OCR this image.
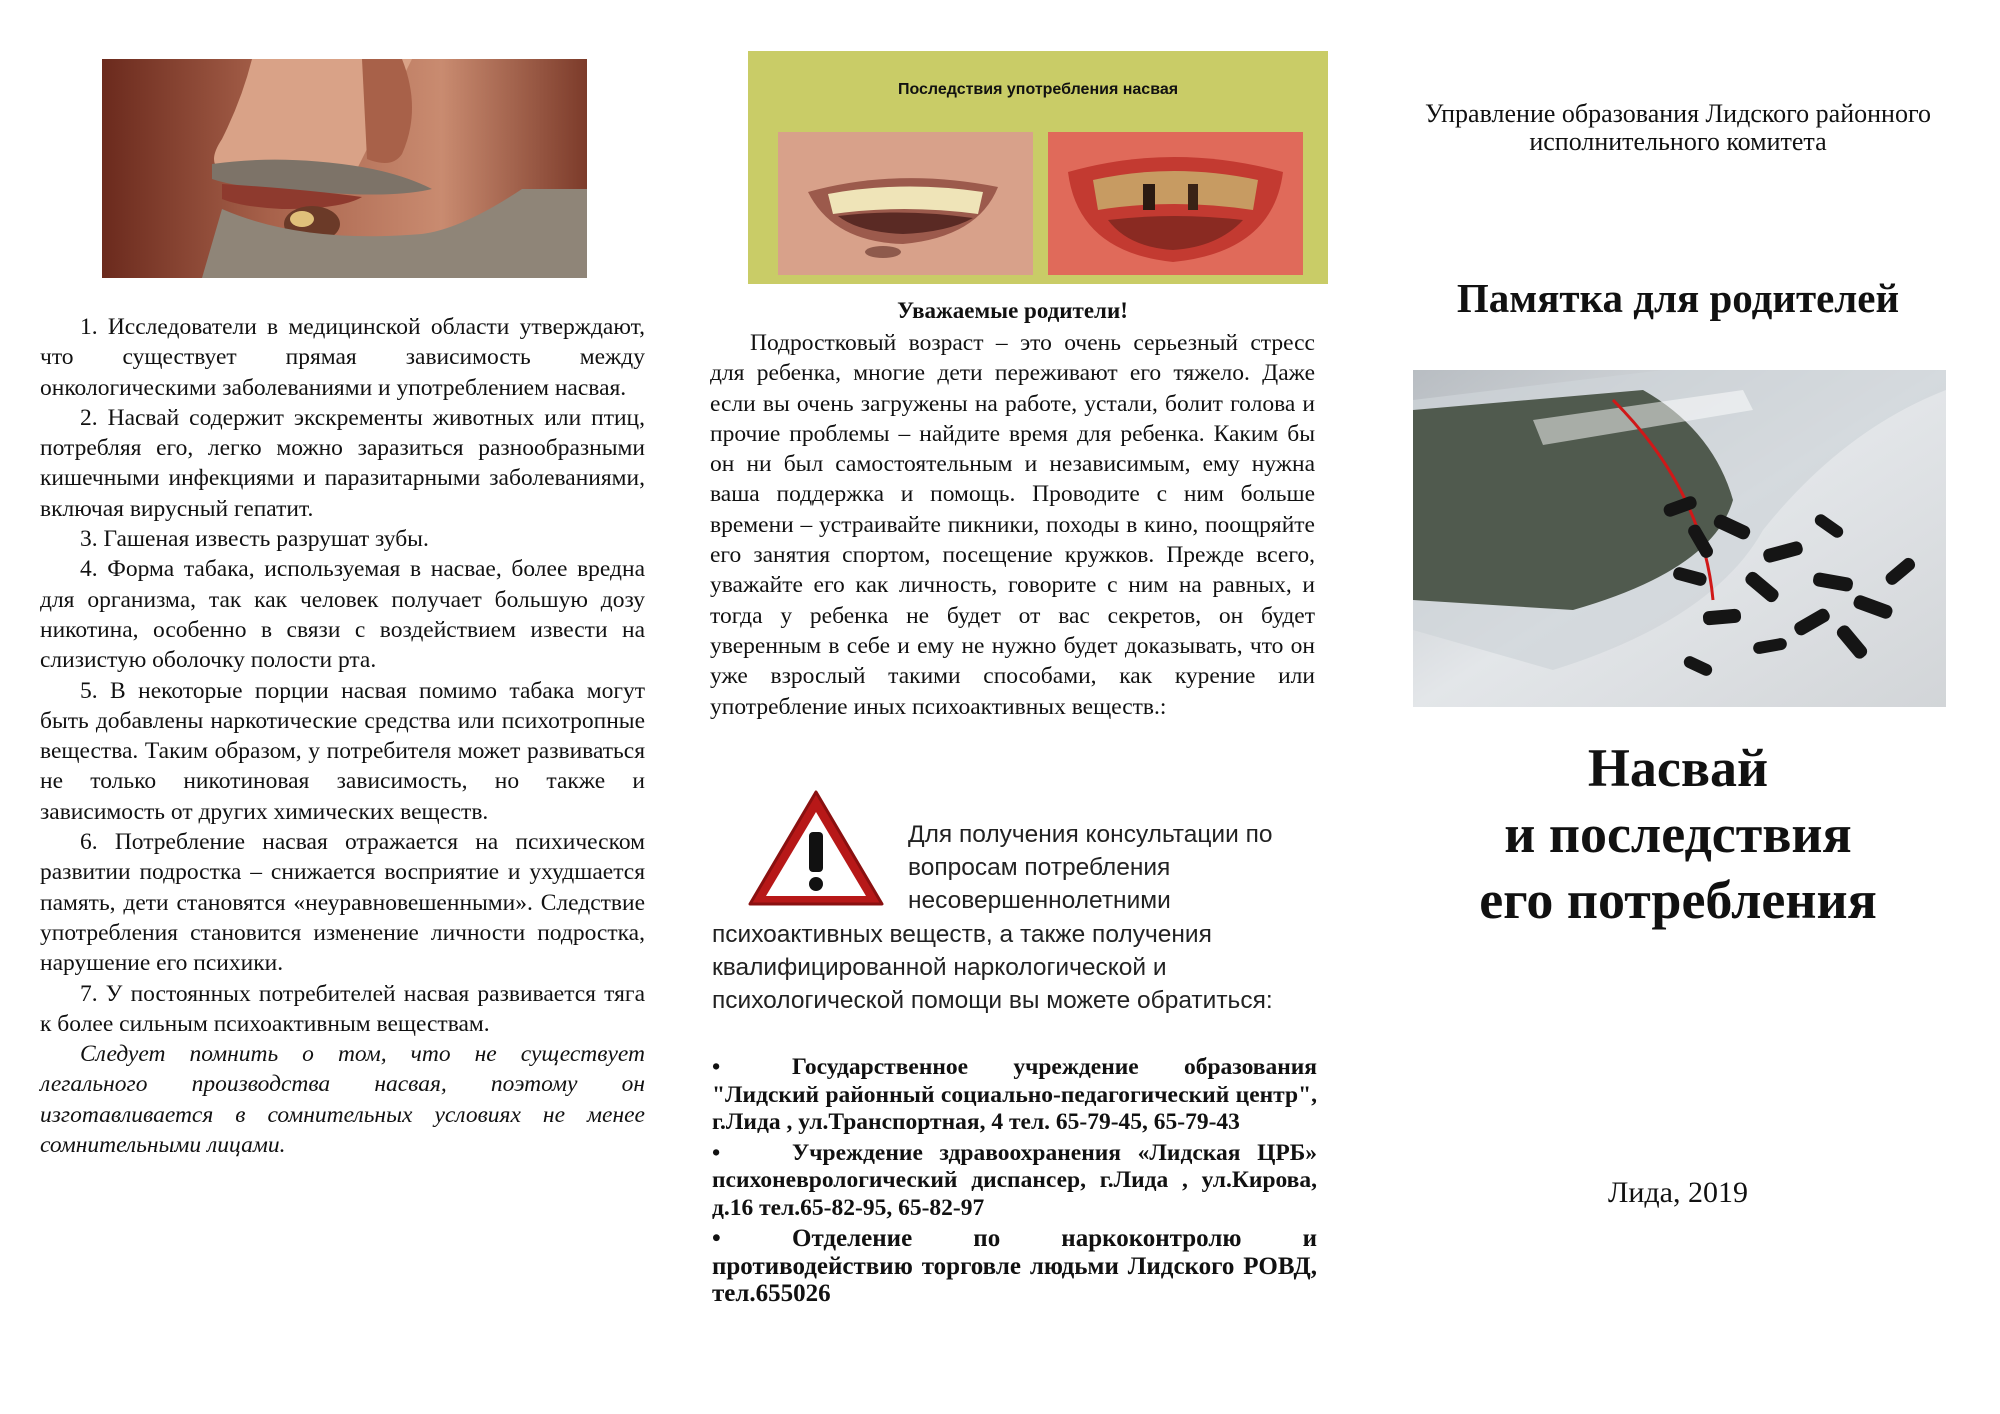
1. Исследователи в медицинской области утверждают, что существует прямая зависимость между онкологическими заболеваниями и употреблением насвая.

2. Насвай содержит экскременты животных или птиц, потребляя его, легко можно заразиться разнообразными кишечными инфекциями и паразитарными заболеваниями, включая вирусный гепатит.

3. Гашеная известь разрушат зубы.

4. Форма табака, используемая в насвае, более вредна для организма, так как человек получает большую дозу никотина, особенно в связи с воздействием извести на слизистую оболочку полости рта.

5. В некоторые порции насвая помимо табака могут быть добавлены наркотические средства или психотропные вещества. Таким образом, у потребителя может развиваться не только никотиновая зависимость, но также и зависимость от других химических веществ.

6. Потребление насвая отражается на психическом развитии подростка – снижается восприятие и ухудшается память, дети становятся «неуравновешенными». Следствие употребления становится изменение личности подростка, нарушение его психики.

7. У постоянных потребителей насвая развивается тяга к более сильным психоактивным веществам.

Следует помнить о том, что не существует легального производства насвая, поэтому он изготавливается в сомнительных условиях не менее сомнительными лицами.

Последствия употребления насвая
Уважаемые родители!

Подростковый возраст – это очень серьезный стресс для ребенка, многие дети переживают его тяжело. Даже если вы очень загружены на работе, устали, болит голова и прочие проблемы – найдите время для ребенка. Каким бы он ни был самостоятельным и независимым, ему нужна ваша поддержка и помощь. Проводите с ним больше времени – устраивайте пикники, походы в кино, поощряйте его занятия спортом, посещение кружков. Прежде всего, уважайте его как личность, говорите с ним на равных, и тогда у ребенка не будет от вас секретов, он будет уверенным в себе и ему не нужно будет доказывать, что он уже взрослый такими способами, как курение или употребление иных психоактивных веществ.:

Для получения консультации по вопросам потребления несовершеннолетними
психоактивных веществ, а также получения квалифицированной наркологической и психологической помощи вы можете обратиться:

•	Государственное учреждение образования "Лидский районный социально-педагогический центр", г.Лида , ул.Транспортная, 4 тел. 65-79-45, 65-79-43

•	Учреждение здравоохранения «Лидская ЦРБ» психоневрологический диспансер, г.Лида , ул.Кирова, д.16 тел.65-82-95, 65-82-97

•	Отделение по наркоконтролю и противодействию торговле людьми Лидского РОВД, тел.655026

Управление образования Лидского районного исполнительного комитета
Памятка для родителей
Насвай
и последствия
его потребления
Лида, 2019
